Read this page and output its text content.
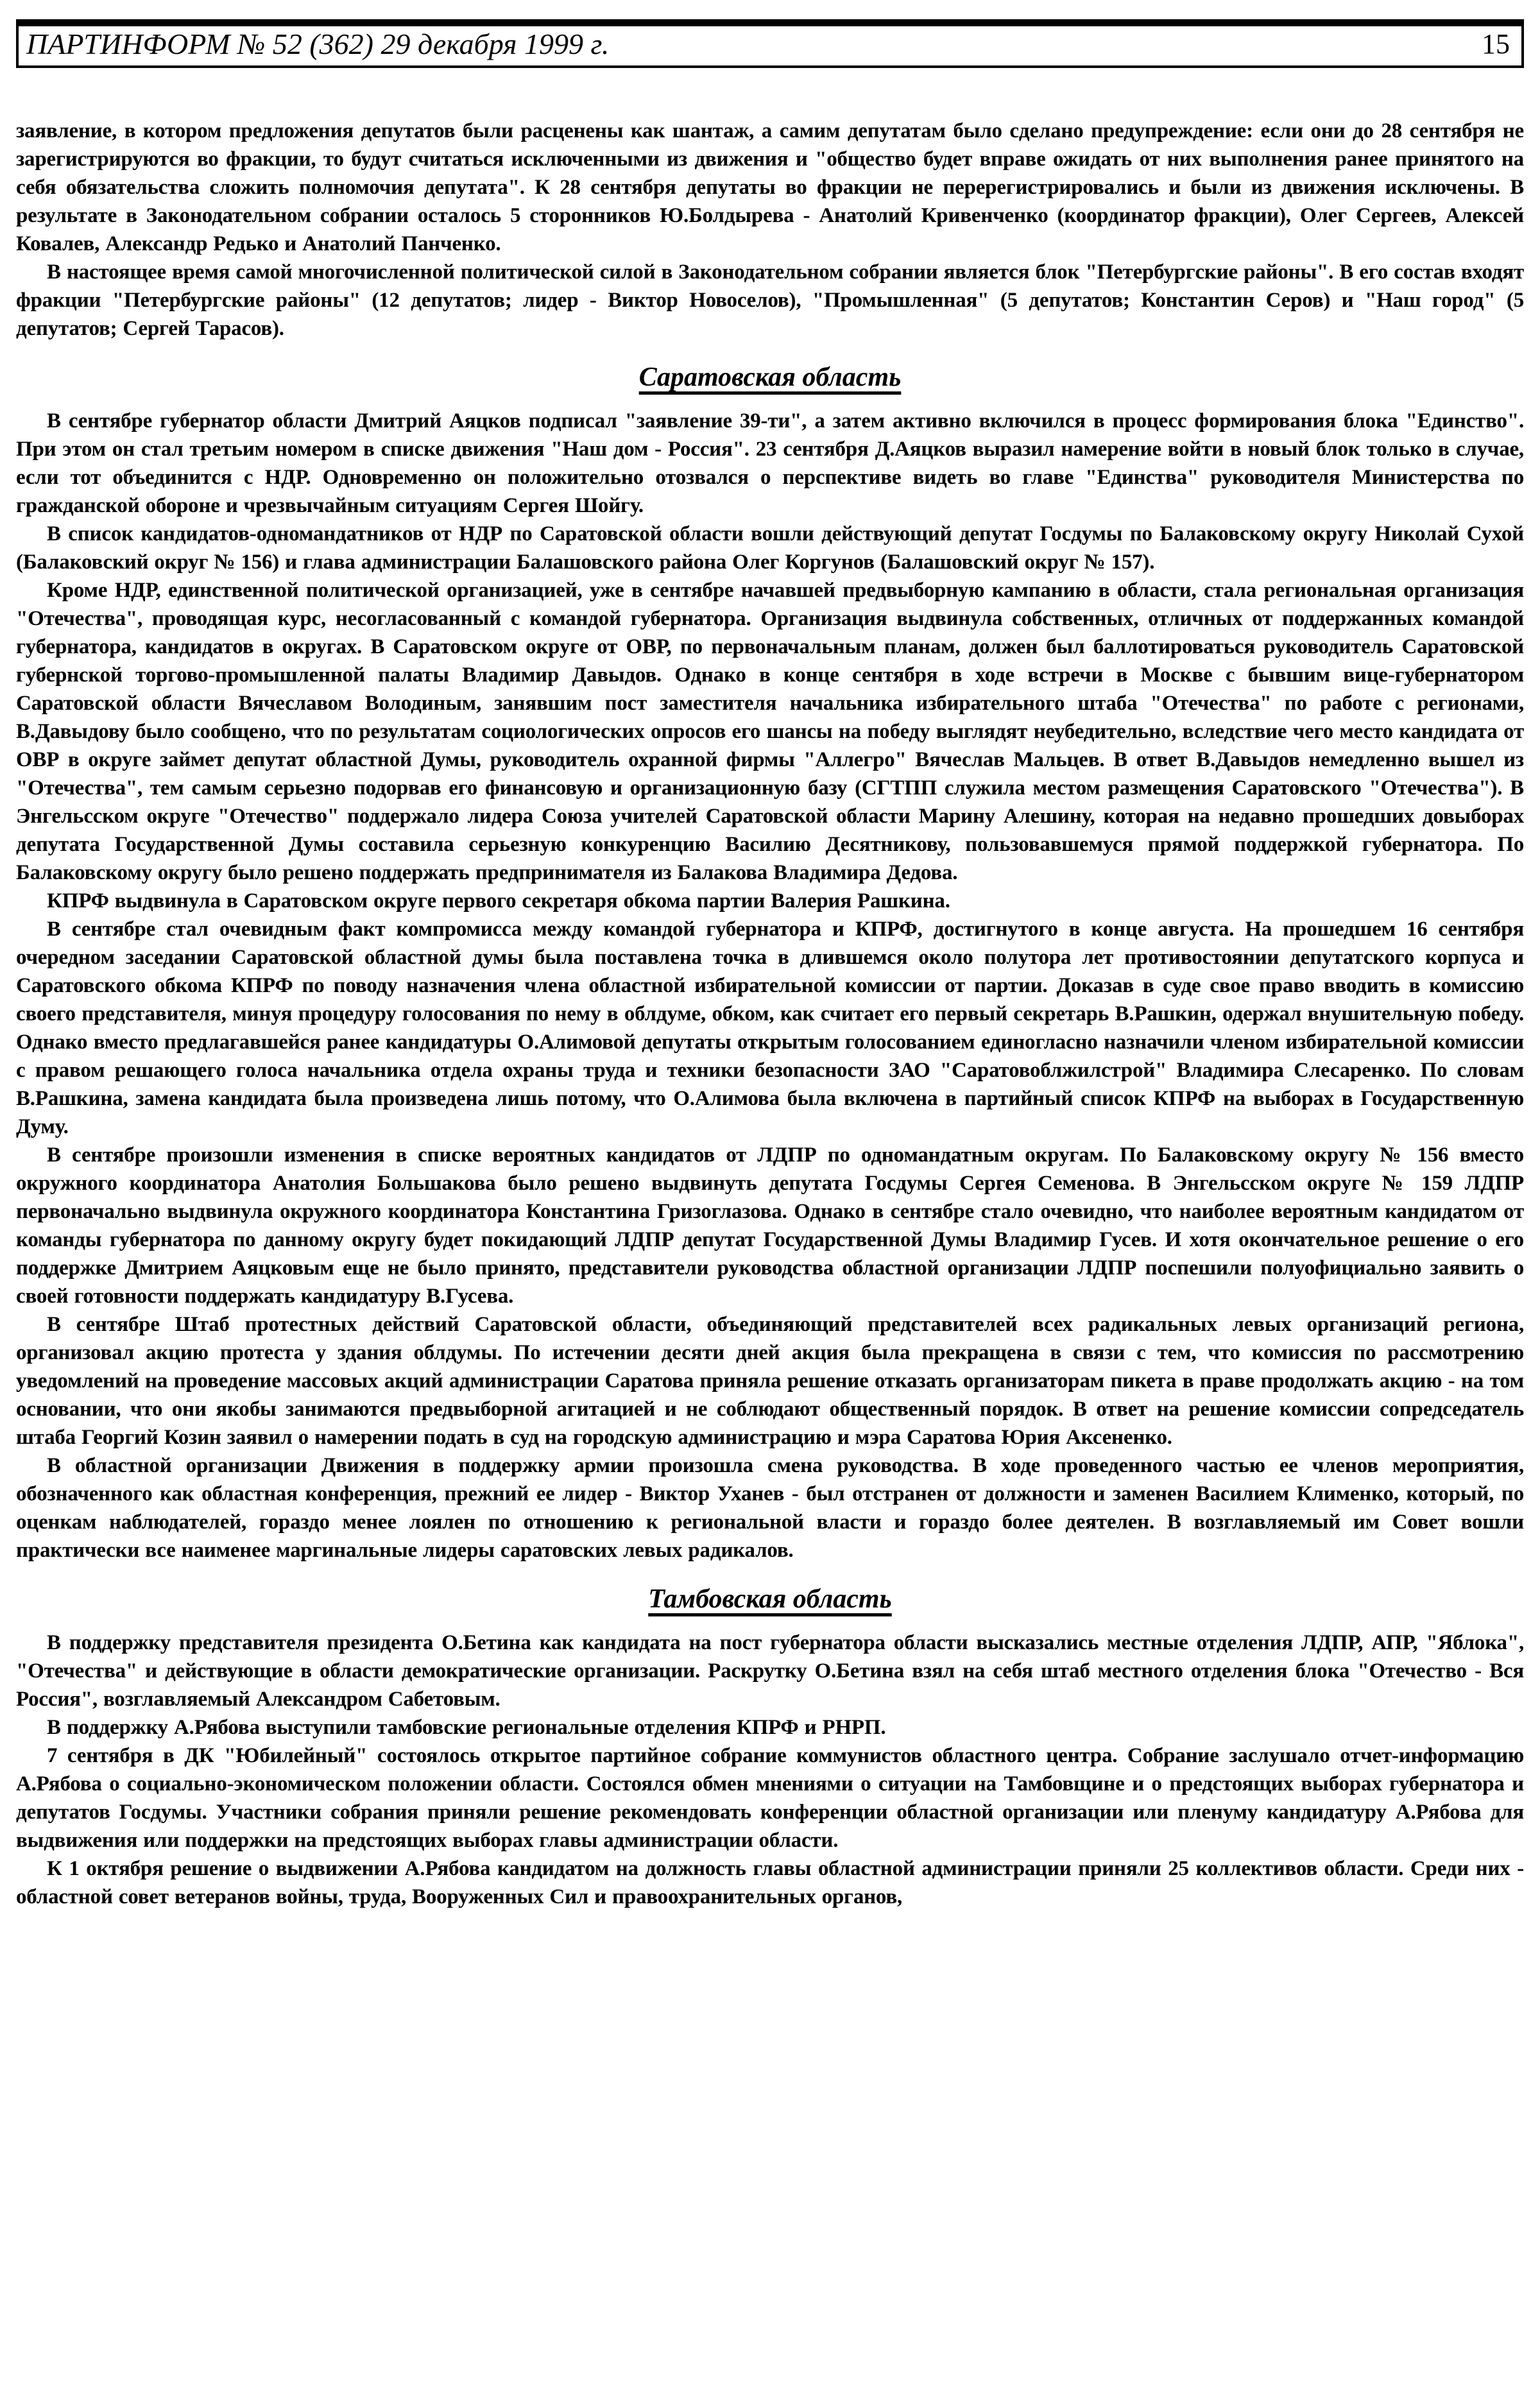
ПАРТИНФОРМ № 52 (362) 29 декабря 1999 г.	15

заявление, в котором предложения депутатов были расценены как шантаж, а самим депутатам было сделано предупреждение: если они до 28 сентября не зарегистрируются во фракции, то будут считаться исключенными из движения и "общество будет вправе ожидать от них выполнения ранее принятого на себя обязательства сложить полномочия депутата". К 28 сентября депутаты во фракции не перерегистрировались и были из движения исключены. В результате в Законодательном собрании осталось 5 сторонников Ю.Болдырева - Анатолий Кривенченко (координатор фракции), Олег Сергеев, Алексей Ковалев, Александр Редько и Анатолий Панченко.

В настоящее время самой многочисленной политической силой в Законодательном собрании является блок "Петербургские районы". В его состав входят фракции "Петербургские районы" (12 депутатов; лидер - Виктор Новоселов), "Промышленная" (5 депутатов; Константин Серов) и "Наш город" (5 депутатов; Сергей Тарасов).

Саратовская область

В сентябре губернатор области Дмитрий Аяцков подписал "заявление 39-ти", а затем активно включился в процесс формирования блока "Единство". При этом он стал третьим номером в списке движения "Наш дом - Россия". 23 сентября Д.Аяцков выразил намерение войти в новый блок только в случае, если тот объединится с НДР. Одновременно он положительно отозвался о перспективе видеть во главе "Единства" руководителя Министерства по гражданской обороне и чрезвычайным ситуациям Сергея Шойгу.

В список кандидатов-одномандатников от НДР по Саратовской области вошли действующий депутат Госдумы по Балаковскому округу Николай Сухой (Балаковский округ № 156) и глава администрации Балашовского района Олег Коргунов (Балашовский округ № 157).

Кроме НДР, единственной политической организацией, уже в сентябре начавшей предвыборную кампанию в области, стала региональная организация "Отечества", проводящая курс, несогласованный с командой губернатора. Организация выдвинула собственных, отличных от поддержанных командой губернатора, кандидатов в округах. В Саратовском округе от ОВР, по первоначальным планам, должен был баллотироваться руководитель Саратовской губернской торгово-промышленной палаты Владимир Давыдов. Однако в конце сентября в ходе встречи в Москве с бывшим вице-губернатором Саратовской области Вячеславом Володиным, занявшим пост заместителя начальника избирательного штаба "Отечества" по работе с регионами, В.Давыдову было сообщено, что по результатам социологических опросов его шансы на победу выглядят неубедительно, вследствие чего место кандидата от ОВР в округе займет депутат областной Думы, руководитель охранной фирмы "Аллегро" Вячеслав Мальцев. В ответ В.Давыдов немедленно вышел из "Отечества", тем самым серьезно подорвав его финансовую и организационную базу (СГТПП служила местом размещения Саратовского "Отечества"). В Энгельсском округе "Отечество" поддержало лидера Союза учителей Саратовской области Марину Алешину, которая на недавно прошедших довыборах депутата Государственной Думы составила серьезную конкуренцию Василию Десятникову, пользовавшемуся прямой поддержкой губернатора. По Балаковскому округу было решено поддержать предпринимателя из Балакова Владимира Дедова.

КПРФ выдвинула в Саратовском округе первого секретаря обкома партии Валерия Рашкина.

В сентябре стал очевидным факт компромисса между командой губернатора и КПРФ, достигнутого в конце августа. На прошедшем 16 сентября очередном заседании Саратовской областной думы была поставлена точка в длившемся около полутора лет противостоянии депутатского корпуса и Саратовского обкома КПРФ по поводу назначения члена областной избирательной комиссии от партии. Доказав в суде свое право вводить в комиссию своего представителя, минуя процедуру голосования по нему в облдуме, обком, как считает его первый секретарь В.Рашкин, одержал внушительную победу. Однако вместо предлагавшейся ранее кандидатуры О.Алимовой депутаты открытым голосованием единогласно назначили членом избирательной комиссии с правом решающего голоса начальника отдела охраны труда и техники безопасности ЗАО "Саратовоблжилстрой" Владимира Слесаренко. По словам В.Рашкина, замена кандидата была произведена лишь потому, что О.Алимова была включена в партийный список КПРФ на выборах в Государственную Думу.

В сентябре произошли изменения в списке вероятных кандидатов от ЛДПР по одномандатным округам. По Балаковскому округу № 156 вместо окружного координатора Анатолия Большакова было решено выдвинуть депутата Госдумы Сергея Семенова. В Энгельсском округе № 159 ЛДПР первоначально выдвинула окружного координатора Константина Гризоглазова. Однако в сентябре стало очевидно, что наиболее вероятным кандидатом от команды губернатора по данному округу будет покидающий ЛДПР депутат Государственной Думы Владимир Гусев. И хотя окончательное решение о его поддержке Дмитрием Аяцковым еще не было принято, представители руководства областной организации ЛДПР поспешили полуофициально заявить о своей готовности поддержать кандидатуру В.Гусева.

В сентябре Штаб протестных действий Саратовской области, объединяющий представителей всех радикальных левых организаций региона, организовал акцию протеста у здания облдумы. По истечении десяти дней акция была прекращена в связи с тем, что комиссия по рассмотрению уведомлений на проведение массовых акций администрации Саратова приняла решение отказать организаторам пикета в праве продолжать акцию - на том основании, что они якобы занимаются предвыборной агитацией и не соблюдают общественный порядок. В ответ на решение комиссии сопредседатель штаба Георгий Козин заявил о намерении подать в суд на городскую администрацию и мэра Саратова Юрия Аксененко.

В областной организации Движения в поддержку армии произошла смена руководства. В ходе проведенного частью ее членов мероприятия, обозначенного как областная конференция, прежний ее лидер - Виктор Уханев - был отстранен от должности и заменен Василием Клименко, который, по оценкам наблюдателей, гораздо менее лоялен по отношению к региональной власти и гораздо более деятелен. В возглавляемый им Совет вошли практически все наименее маргинальные лидеры саратовских левых радикалов.

Тамбовская область

В поддержку представителя президента О.Бетина как кандидата на пост губернатора области высказались местные отделения ЛДПР, АПР, "Яблока", "Отечества" и действующие в области демократические организации. Раскрутку О.Бетина взял на себя штаб местного отделения блока "Отечество - Вся Россия", возглавляемый Александром Сабетовым.

В поддержку А.Рябова выступили тамбовские региональные отделения КПРФ и РНРП.

7 сентября в ДК "Юбилейный" состоялось открытое партийное собрание коммунистов областного центра. Собрание заслушало отчет-информацию А.Рябова о социально-экономическом положении области. Состоялся обмен мнениями о ситуации на Тамбовщине и о предстоящих выборах губернатора и депутатов Госдумы. Участники собрания приняли решение рекомендовать конференции областной организации или пленуму кандидатуру А.Рябова для выдвижения или поддержки на предстоящих выборах главы администрации области.

К 1 октября решение о выдвижении А.Рябова кандидатом на должность главы областной администрации приняли 25 коллективов области. Среди них - областной совет ветеранов войны, труда, Вооруженных Сил и правоохранительных органов,
